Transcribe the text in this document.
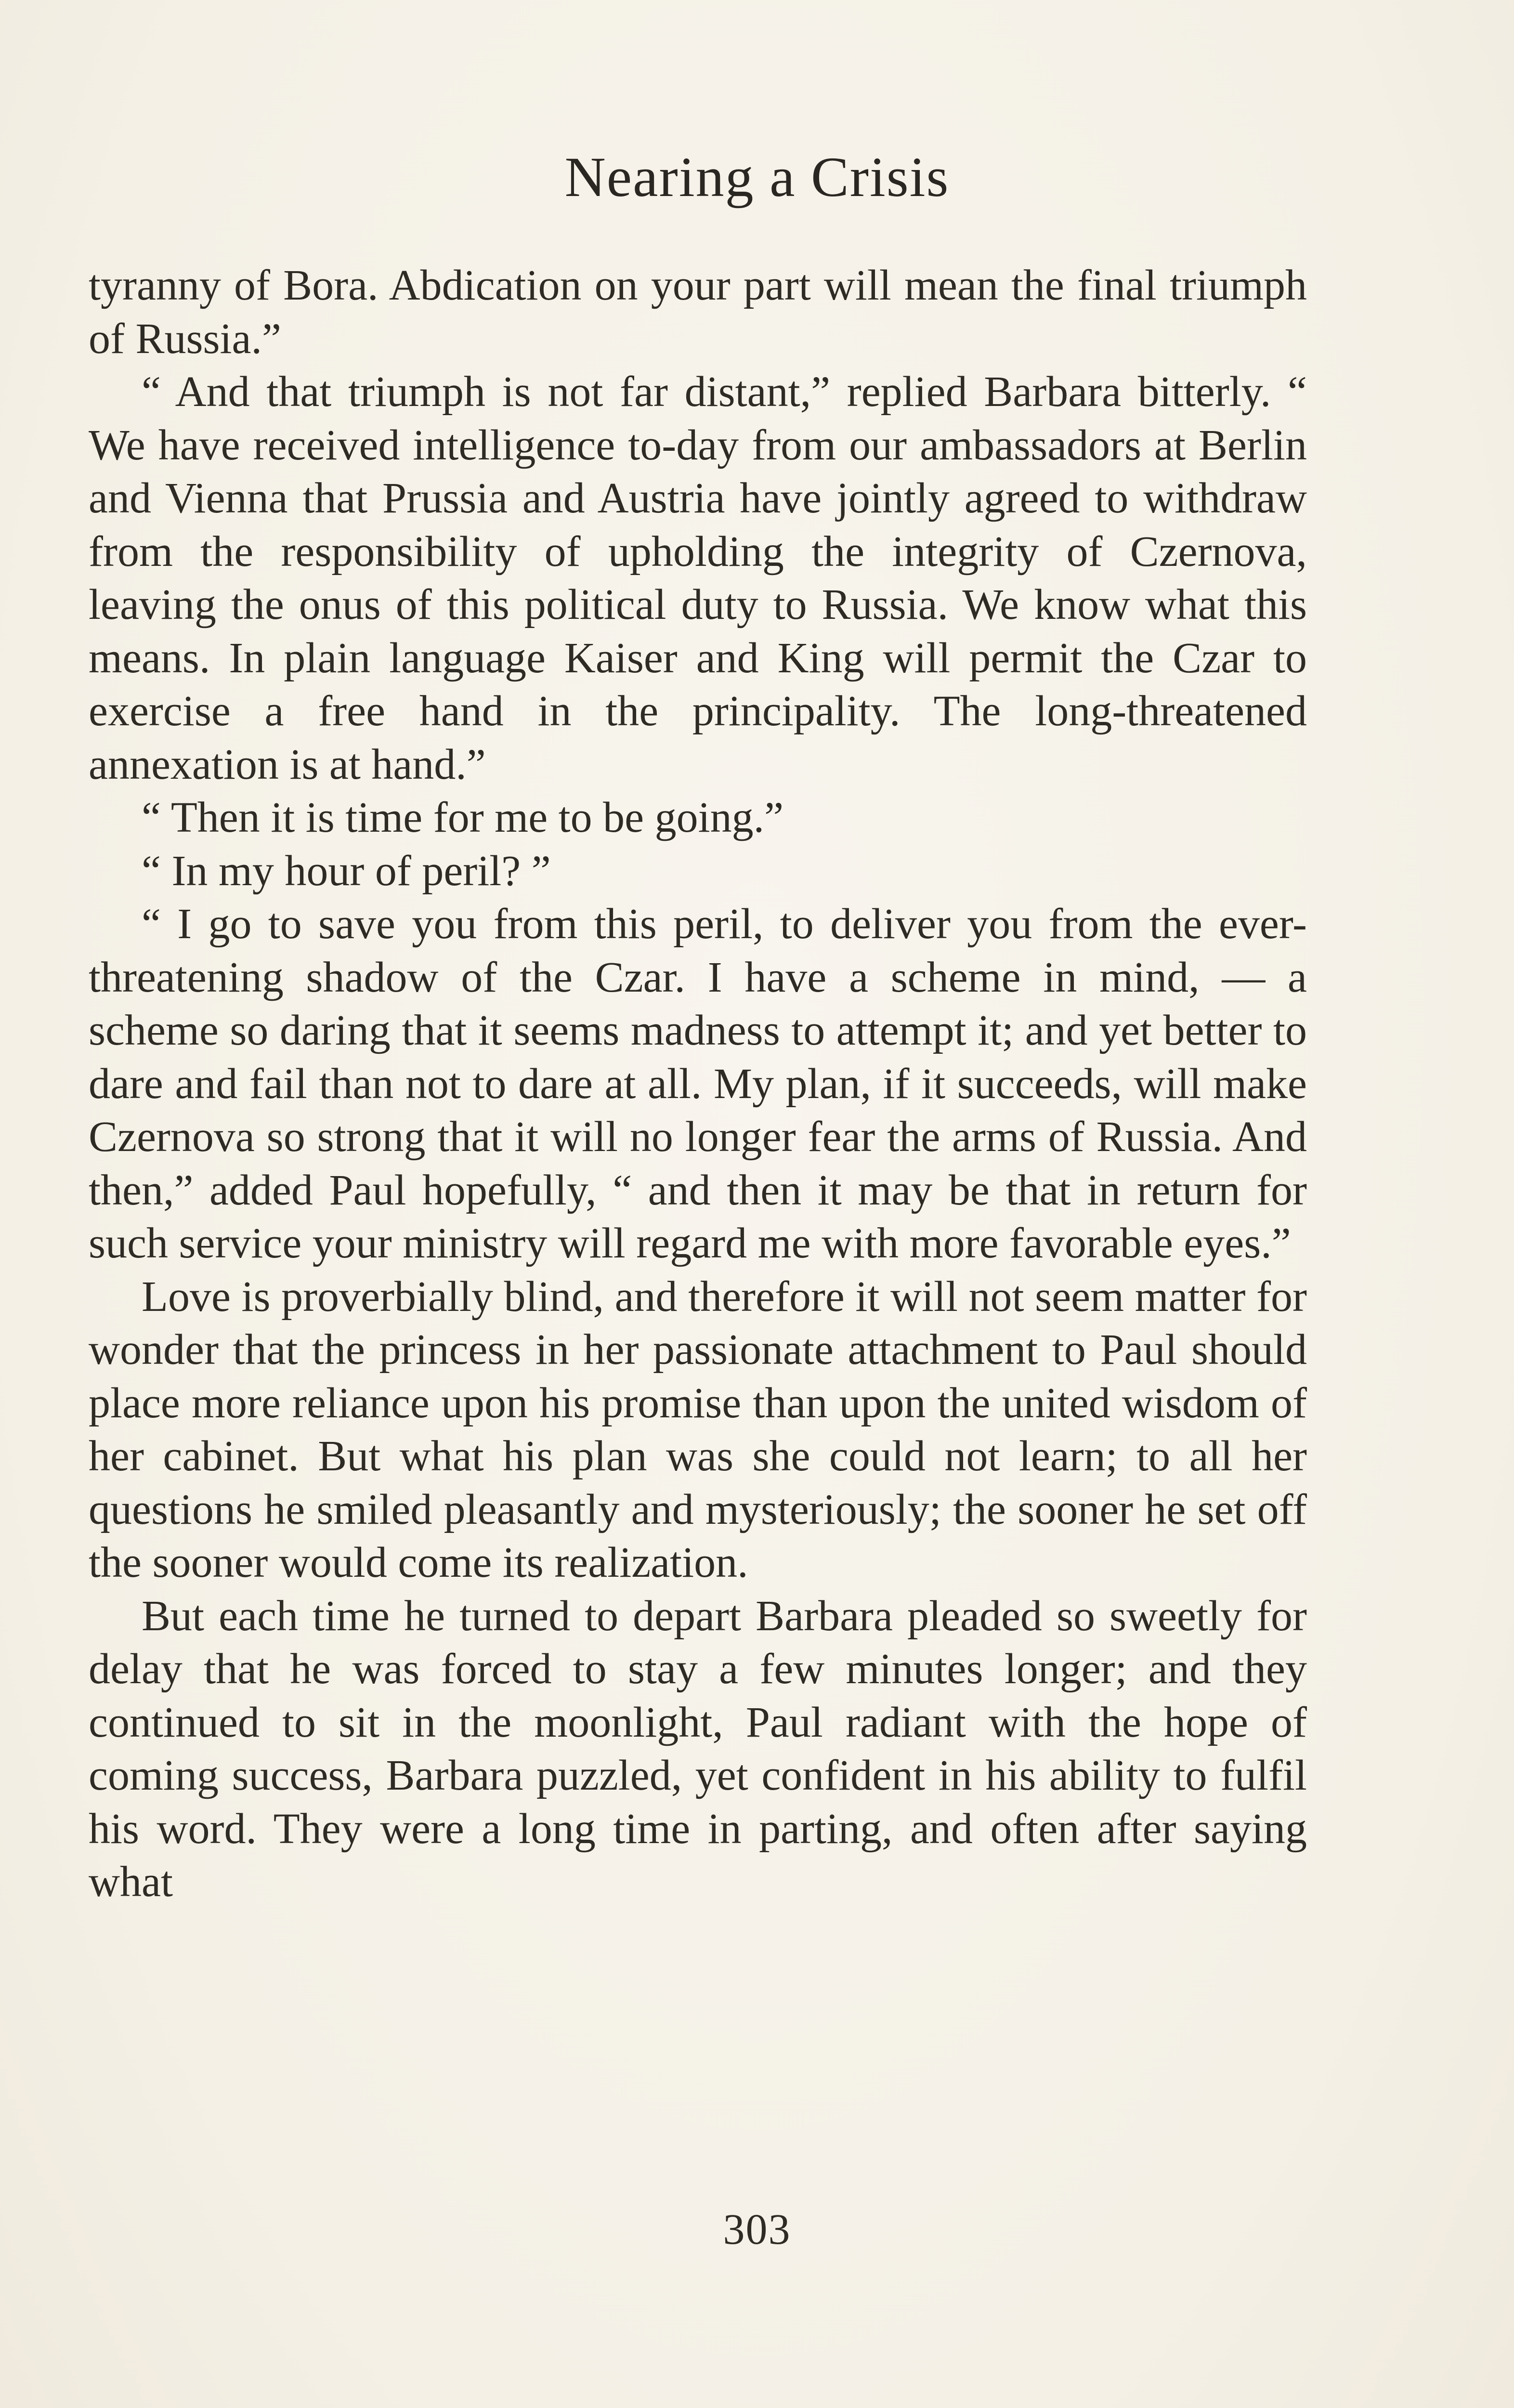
Nearing a Crisis

tyranny of Bora. Abdication on your part will mean the final triumph of Russia.”

“ And that triumph is not far distant,” replied Barbara bitterly. “ We have received intelligence to-day from our ambassadors at Berlin and Vienna that Prussia and Austria have jointly agreed to withdraw from the responsibility of upholding the integrity of Czernova, leaving the onus of this political duty to Russia. We know what this means. In plain language Kaiser and King will permit the Czar to exercise a free hand in the principality. The long-threatened annexation is at hand.”

“ Then it is time for me to be going.”

“ In my hour of peril? ”

“ I go to save you from this peril, to deliver you from the ever-threatening shadow of the Czar. I have a scheme in mind, — a scheme so daring that it seems madness to attempt it; and yet better to dare and fail than not to dare at all. My plan, if it succeeds, will make Czernova so strong that it will no longer fear the arms of Russia. And then,” added Paul hopefully, “ and then it may be that in return for such service your ministry will regard me with more favorable eyes.”

Love is proverbially blind, and therefore it will not seem matter for wonder that the princess in her passionate attachment to Paul should place more reliance upon his promise than upon the united wisdom of her cabinet. But what his plan was she could not learn; to all her questions he smiled pleasantly and mysteriously; the sooner he set off the sooner would come its realization.

But each time he turned to depart Barbara pleaded so sweetly for delay that he was forced to stay a few minutes longer; and they continued to sit in the moonlight, Paul radiant with the hope of coming success, Barbara puzzled, yet confident in his ability to fulfil his word. They were a long time in parting, and often after saying what

303
